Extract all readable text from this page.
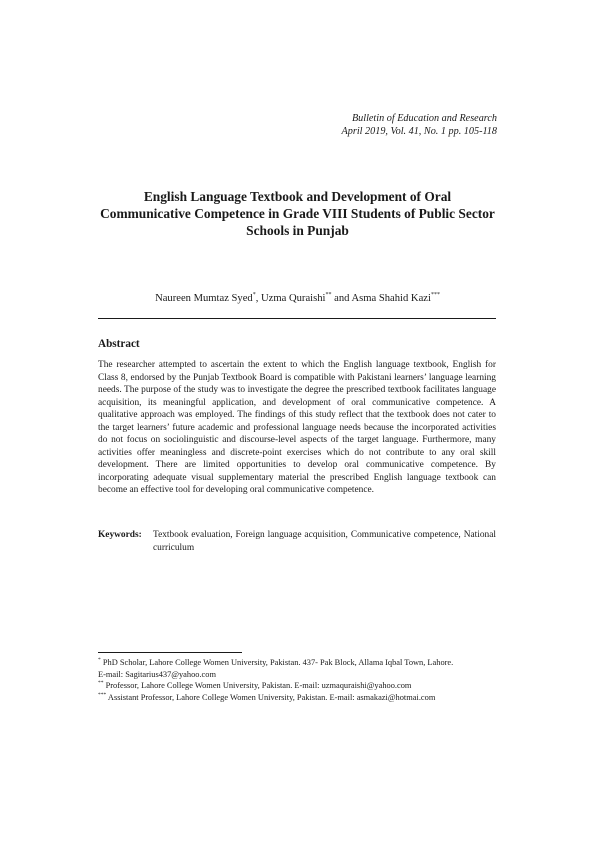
Bulletin of Education and Research
April 2019, Vol. 41, No. 1 pp. 105-118
English Language Textbook and Development of Oral Communicative Competence in Grade VIII Students of Public Sector Schools in Punjab
Naureen Mumtaz Syed*, Uzma Quraishi** and Asma Shahid Kazi***
Abstract
The researcher attempted to ascertain the extent to which the English language textbook, English for Class 8, endorsed by the Punjab Textbook Board is compatible with Pakistani learners’ language learning needs. The purpose of the study was to investigate the degree the prescribed textbook facilitates language acquisition, its meaningful application, and development of oral communicative competence. A qualitative approach was employed. The findings of this study reflect that the textbook does not cater to the target learners’ future academic and professional language needs because the incorporated activities do not focus on sociolinguistic and discourse-level aspects of the target language. Furthermore, many activities offer meaningless and discrete-point exercises which do not contribute to any oral skill development. There are limited opportunities to develop oral communicative competence. By incorporating adequate visual supplementary material the prescribed English language textbook can become an effective tool for developing oral communicative competence.
Keywords:	Textbook evaluation, Foreign language acquisition, Communicative competence, National curriculum

* PhD Scholar, Lahore College Women University, Pakistan. 437- Pak Block, Allama Iqbal Town, Lahore.
E-mail: Sagitarius437@yahoo.com

** Professor, Lahore College Women University, Pakistan. E-mail: uzmaquraishi@yahoo.com

*** Assistant Professor, Lahore College Women University, Pakistan. E-mail: asmakazi@hotmai.com
